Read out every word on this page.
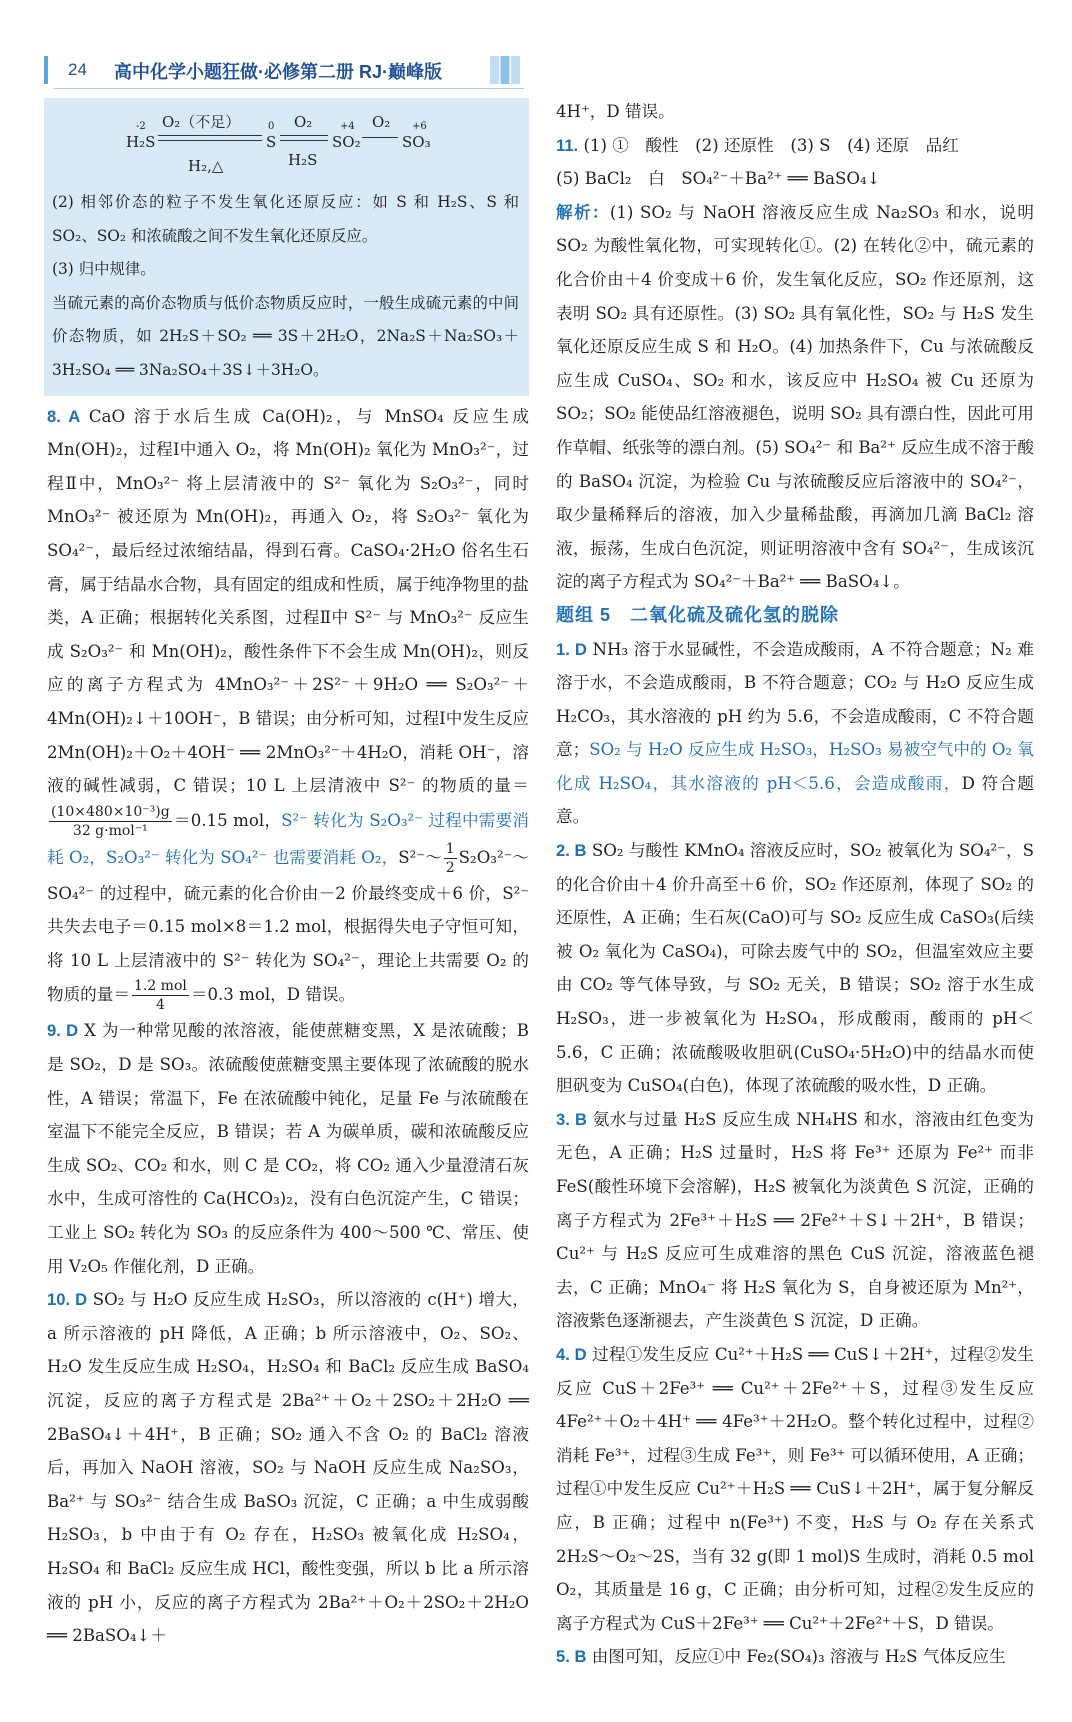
24 高中化学小题狂做·必修第二册 RJ·巅峰版
-2
H₂S
O₂（不足）
H₂,△
0
S
O₂
H₂S
+4
SO₂
O₂ +6
SO₃

(2) 相邻价态的粒子不发生氧化还原反应：如 S 和 H₂S、S 和 SO₂、SO₂ 和浓硫酸之间不发生氧化还原反应。

(3) 归中规律。

当硫元素的高价态物质与低价态物质反应时，一般生成硫元素的中间价态物质，如 2H₂S＋SO₂ ══ 3S＋2H₂O，2Na₂S＋Na₂SO₃＋3H₂SO₄ ══ 3Na₂SO₄＋3S↓＋3H₂O。

8. A CaO 溶于水后生成 Ca(OH)₂，与 MnSO₄ 反应生成 Mn(OH)₂，过程Ⅰ中通入 O₂，将 Mn(OH)₂ 氧化为 MnO₃²⁻，过程Ⅱ中，MnO₃²⁻ 将上层清液中的 S²⁻ 氧化为 S₂O₃²⁻，同时 MnO₃²⁻ 被还原为 Mn(OH)₂，再通入 O₂，将 S₂O₃²⁻ 氧化为 SO₄²⁻，最后经过浓缩结晶，得到石膏。CaSO₄·2H₂O 俗名生石膏，属于结晶水合物，具有固定的组成和性质，属于纯净物里的盐类，A 正确；根据转化关系图，过程Ⅱ中 S²⁻ 与 MnO₃²⁻ 反应生成 S₂O₃²⁻ 和 Mn(OH)₂，酸性条件下不会生成 Mn(OH)₂，则反应的离子方程式为 4MnO₃²⁻＋2S²⁻＋9H₂O ══ S₂O₃²⁻＋4Mn(OH)₂↓＋10OH⁻，B 错误；由分析可知，过程Ⅰ中发生反应 2Mn(OH)₂＋O₂＋4OH⁻ ══ 2MnO₃²⁻＋4H₂O，消耗 OH⁻，溶液的碱性减弱，C 错误；10 L 上层清液中 S²⁻ 的物质的量＝
$\frac{\text{(10×480×10⁻³)g}}{\text{32 g·mol⁻¹}} =0.15$ mol，S²⁻ 转化为 S₂O₃²⁻ 过程中需要消耗 O₂，S₂O₃²⁻ 转化为 SO₄²⁻ 也需要消耗 O₂，S²⁻～ $\frac{1}{2}$ S₂O₃²⁻～SO₄²⁻ 的过程中，硫元素的化合价由－2 价最终变成＋6 价，S²⁻ 共失去电子＝0.15 mol×8＝1.2 mol，根据得失电子守恒可知，将 10 L 上层清液中的 S²⁻ 转化为 SO₄²⁻，理论上共需要 O₂ 的物质的量＝ $\frac{\text{1.2 mol}}{4} =0.3$ mol，D 错误。

9. D X 为一种常见酸的浓溶液，能使蔗糖变黑，X 是浓硫酸；B 是 SO₂，D 是 SO₃。浓硫酸使蔗糖变黑主要体现了浓硫酸的脱水性，A 错误；常温下，Fe 在浓硫酸中钝化，足量 Fe 与浓硫酸在室温下不能完全反应，B 错误；若 A 为碳单质，碳和浓硫酸反应生成 SO₂、CO₂ 和水，则 C 是 CO₂，将 CO₂ 通入少量澄清石灰水中，生成可溶性的 Ca(HCO₃)₂，没有白色沉淀产生，C 错误；工业上 SO₂ 转化为 SO₃ 的反应条件为 400～500 ℃、常压、使用 V₂O₅ 作催化剂，D 正确。

10. D SO₂ 与 H₂O 反应生成 H₂SO₃，所以溶液的 c(H⁺) 增大，a 所示溶液的 pH 降低，A 正确；b 所示溶液中，O₂、SO₂、H₂O 发生反应生成 H₂SO₄，H₂SO₄ 和 BaCl₂ 反应生成 BaSO₄ 沉淀，反应的离子方程式是 2Ba²⁺＋O₂＋2SO₂＋2H₂O ══ 2BaSO₄↓＋4H⁺，B 正确；SO₂ 通入不含 O₂ 的 BaCl₂ 溶液后，再加入 NaOH 溶液，SO₂ 与 NaOH 反应生成 Na₂SO₃，Ba²⁺ 与 SO₃²⁻ 结合生成 BaSO₃ 沉淀，C 正确；a 中生成弱酸 H₂SO₃，b 中由于有 O₂ 存在，H₂SO₃ 被氧化成 H₂SO₄，H₂SO₄ 和 BaCl₂ 反应生成 HCl，酸性变强，所以 b 比 a 所示溶液的 pH 小，反应的离子方程式为 2Ba²⁺＋O₂＋2SO₂＋2H₂O ══ 2BaSO₄↓＋

4H⁺，D 错误。

11. (1) ①　酸性　(2) 还原性　(3) S　(4) 还原　品红

(5) BaCl₂　白　SO₄²⁻＋Ba²⁺ ══ BaSO₄↓

解析：(1) SO₂ 与 NaOH 溶液反应生成 Na₂SO₃ 和水，说明 SO₂ 为酸性氧化物，可实现转化①。(2) 在转化②中，硫元素的化合价由＋4 价变成＋6 价，发生氧化反应，SO₂ 作还原剂，这表明 SO₂ 具有还原性。(3) SO₂ 具有氧化性，SO₂ 与 H₂S 发生氧化还原反应生成 S 和 H₂O。(4) 加热条件下，Cu 与浓硫酸反应生成 CuSO₄、SO₂ 和水，该反应中 H₂SO₄ 被 Cu 还原为 SO₂；SO₂ 能使品红溶液褪色，说明 SO₂ 具有漂白性，因此可用作草帽、纸张等的漂白剂。(5) SO₄²⁻ 和 Ba²⁺ 反应生成不溶于酸的 BaSO₄ 沉淀，为检验 Cu 与浓硫酸反应后溶液中的 SO₄²⁻，取少量稀释后的溶液，加入少量稀盐酸，再滴加几滴 BaCl₂ 溶液，振荡，生成白色沉淀，则证明溶液中含有 SO₄²⁻，生成该沉淀的离子方程式为 SO₄²⁻＋Ba²⁺ ══ BaSO₄↓。

题组 5　二氧化硫及硫化氢的脱除

1. D NH₃ 溶于水显碱性，不会造成酸雨，A 不符合题意；N₂ 难溶于水，不会造成酸雨，B 不符合题意；CO₂ 与 H₂O 反应生成 H₂CO₃，其水溶液的 pH 约为 5.6，不会造成酸雨，C 不符合题意；SO₂ 与 H₂O 反应生成 H₂SO₃，H₂SO₃ 易被空气中的 O₂ 氧化成 H₂SO₄，其水溶液的 pH＜5.6，会造成酸雨，D 符合题意。

2. B SO₂ 与酸性 KMnO₄ 溶液反应时，SO₂ 被氧化为 SO₄²⁻，S 的化合价由＋4 价升高至＋6 价，SO₂ 作还原剂，体现了 SO₂ 的还原性，A 正确；生石灰(CaO)可与 SO₂ 反应生成 CaSO₃(后续被 O₂ 氧化为 CaSO₄)，可除去废气中的 SO₂，但温室效应主要由 CO₂ 等气体导致，与 SO₂ 无关，B 错误；SO₂ 溶于水生成 H₂SO₃，进一步被氧化为 H₂SO₄，形成酸雨，酸雨的 pH＜5.6，C 正确；浓硫酸吸收胆矾(CuSO₄·5H₂O)中的结晶水而使胆矾变为 CuSO₄(白色)，体现了浓硫酸的吸水性，D 正确。

3. B 氨水与过量 H₂S 反应生成 NH₄HS 和水，溶液由红色变为无色，A 正确；H₂S 过量时，H₂S 将 Fe³⁺ 还原为 Fe²⁺ 而非 FeS(酸性环境下会溶解)，H₂S 被氧化为淡黄色 S 沉淀，正确的离子方程式为 2Fe³⁺＋H₂S ══ 2Fe²⁺＋S↓＋2H⁺，B 错误；Cu²⁺ 与 H₂S 反应可生成难溶的黑色 CuS 沉淀，溶液蓝色褪去，C 正确；MnO₄⁻ 将 H₂S 氧化为 S，自身被还原为 Mn²⁺，溶液紫色逐渐褪去，产生淡黄色 S 沉淀，D 正确。

4. D 过程①发生反应 Cu²⁺＋H₂S ══ CuS↓＋2H⁺，过程②发生反应 CuS＋2Fe³⁺ ══ Cu²⁺＋2Fe²⁺＋S，过程③发生反应 4Fe²⁺＋O₂＋4H⁺ ══ 4Fe³⁺＋2H₂O。整个转化过程中，过程②消耗 Fe³⁺，过程③生成 Fe³⁺，则 Fe³⁺ 可以循环使用，A 正确；过程①中发生反应 Cu²⁺＋H₂S ══ CuS↓＋2H⁺，属于复分解反应，B 正确；过程中 n(Fe³⁺) 不变，H₂S 与 O₂ 存在关系式 2H₂S～O₂～2S，当有 32 g(即 1 mol)S 生成时，消耗 0.5 mol O₂，其质量是 16 g，C 正确；由分析可知，过程②发生反应的离子方程式为 CuS＋2Fe³⁺ ══ Cu²⁺＋2Fe²⁺＋S，D 错误。

5. B 由图可知，反应①中 Fe₂(SO₄)₃ 溶液与 H₂S 气体反应生
